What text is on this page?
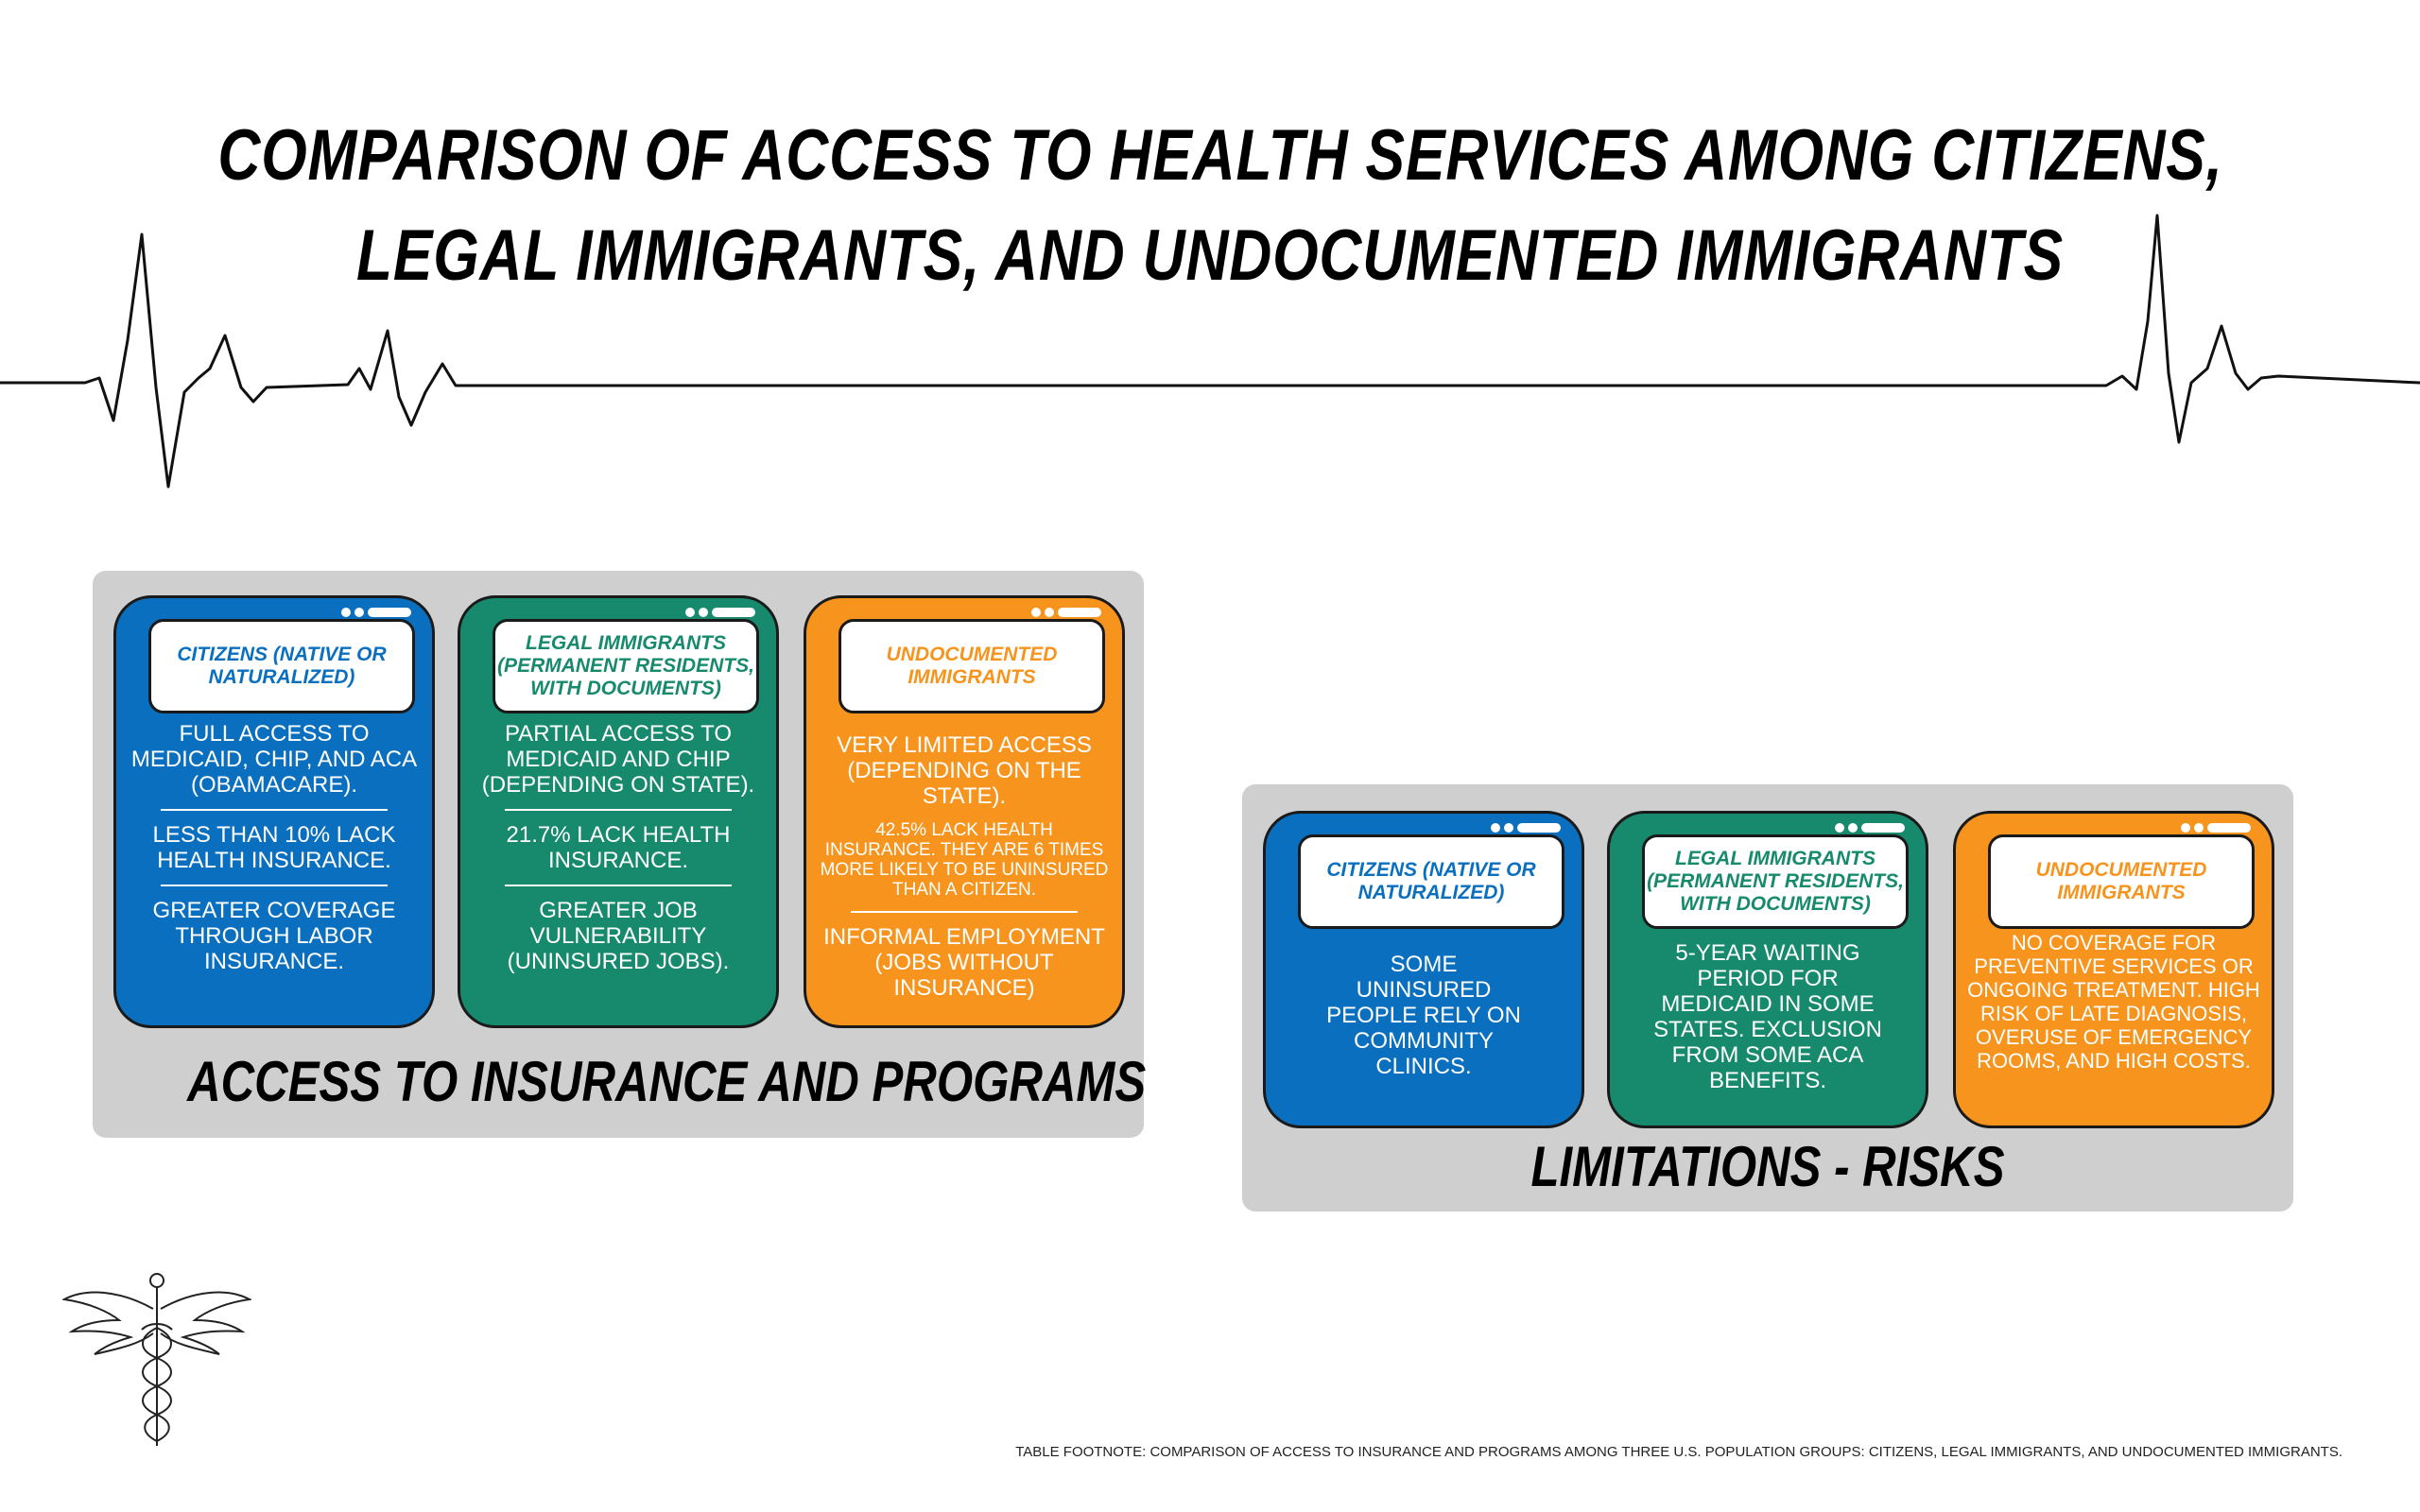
COMPARISON OF ACCESS TO HEALTH SERVICES AMONG CITIZENS,
LEGAL IMMIGRANTS, AND UNDOCUMENTED IMMIGRANTS
CITIZENS (NATIVE OR NATURALIZED)
FULL ACCESS TO MEDICAID, CHIP, AND ACA (OBAMACARE).
LESS THAN 10% LACK HEALTH INSURANCE.
GREATER COVERAGE THROUGH LABOR INSURANCE.
LEGAL IMMIGRANTS (PERMANENT RESIDENTS, WITH DOCUMENTS)
PARTIAL ACCESS TO MEDICAID AND CHIP (DEPENDING ON STATE).
21.7% LACK HEALTH INSURANCE.
GREATER JOB VULNERABILITY (UNINSURED JOBS).
UNDOCUMENTED IMMIGRANTS
VERY LIMITED ACCESS (DEPENDING ON THE STATE).
42.5% LACK HEALTH INSURANCE. THEY ARE 6 TIMES MORE LIKELY TO BE UNINSURED THAN A CITIZEN.
INFORMAL EMPLOYMENT (JOBS WITHOUT INSURANCE)
ACCESS TO INSURANCE AND PROGRAMS
CITIZENS (NATIVE OR NATURALIZED)
SOME UNINSURED PEOPLE RELY ON COMMUNITY CLINICS.
LEGAL IMMIGRANTS (PERMANENT RESIDENTS, WITH DOCUMENTS)
5-YEAR WAITING PERIOD FOR MEDICAID IN SOME STATES. EXCLUSION FROM SOME ACA BENEFITS.
UNDOCUMENTED IMMIGRANTS
NO COVERAGE FOR PREVENTIVE SERVICES OR ONGOING TREATMENT. HIGH RISK OF LATE DIAGNOSIS, OVERUSE OF EMERGENCY ROOMS, AND HIGH COSTS.
LIMITATIONS - RISKS
TABLE FOOTNOTE: COMPARISON OF ACCESS TO INSURANCE AND PROGRAMS AMONG THREE U.S. POPULATION GROUPS: CITIZENS, LEGAL IMMIGRANTS, AND UNDOCUMENTED IMMIGRANTS.
